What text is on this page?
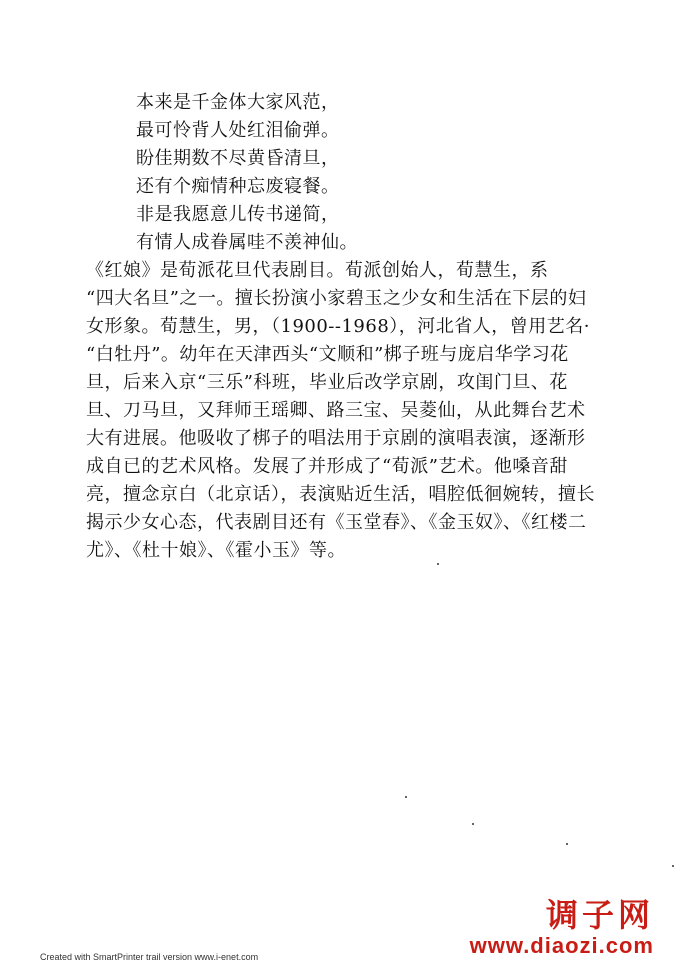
本来是千金体大家风范，
最可怜背人处红泪偷弹。
盼佳期数不尽黄昏清旦，
还有个痴情种忘废寝餐。
非是我愿意儿传书递简，
有情人成眷属哇不羡神仙。
《红娘》是荀派花旦代表剧目。荀派创始人，荀慧生，系
“四大名旦”之一。擅长扮演小家碧玉之少女和生活在下层的妇
女形象。荀慧生，男，（1900--1968），河北省人，曾用艺名·
“白牡丹”。幼年在天津西头“文顺和”梆子班与庞启华学习花
旦，后来入京“三乐”科班，毕业后改学京剧，攻闺门旦、花
旦、刀马旦，又拜师王瑶卿、路三宝、吴菱仙，从此舞台艺术
大有进展。他吸收了梆子的唱法用于京剧的演唱表演，逐渐形
成自已的艺术风格。发展了并形成了“荀派”艺术。他嗓音甜
亮，擅念京白（北京话），表演贴近生活，唱腔低徊婉转，擅长
揭示少女心态，代表剧目还有《玉堂春》、《金玉奴》、《红楼二
尤》、《杜十娘》、《霍小玉》等。
调子网
www.diaozi.com
Created with SmartPrinter trail version www.i-enet.com
